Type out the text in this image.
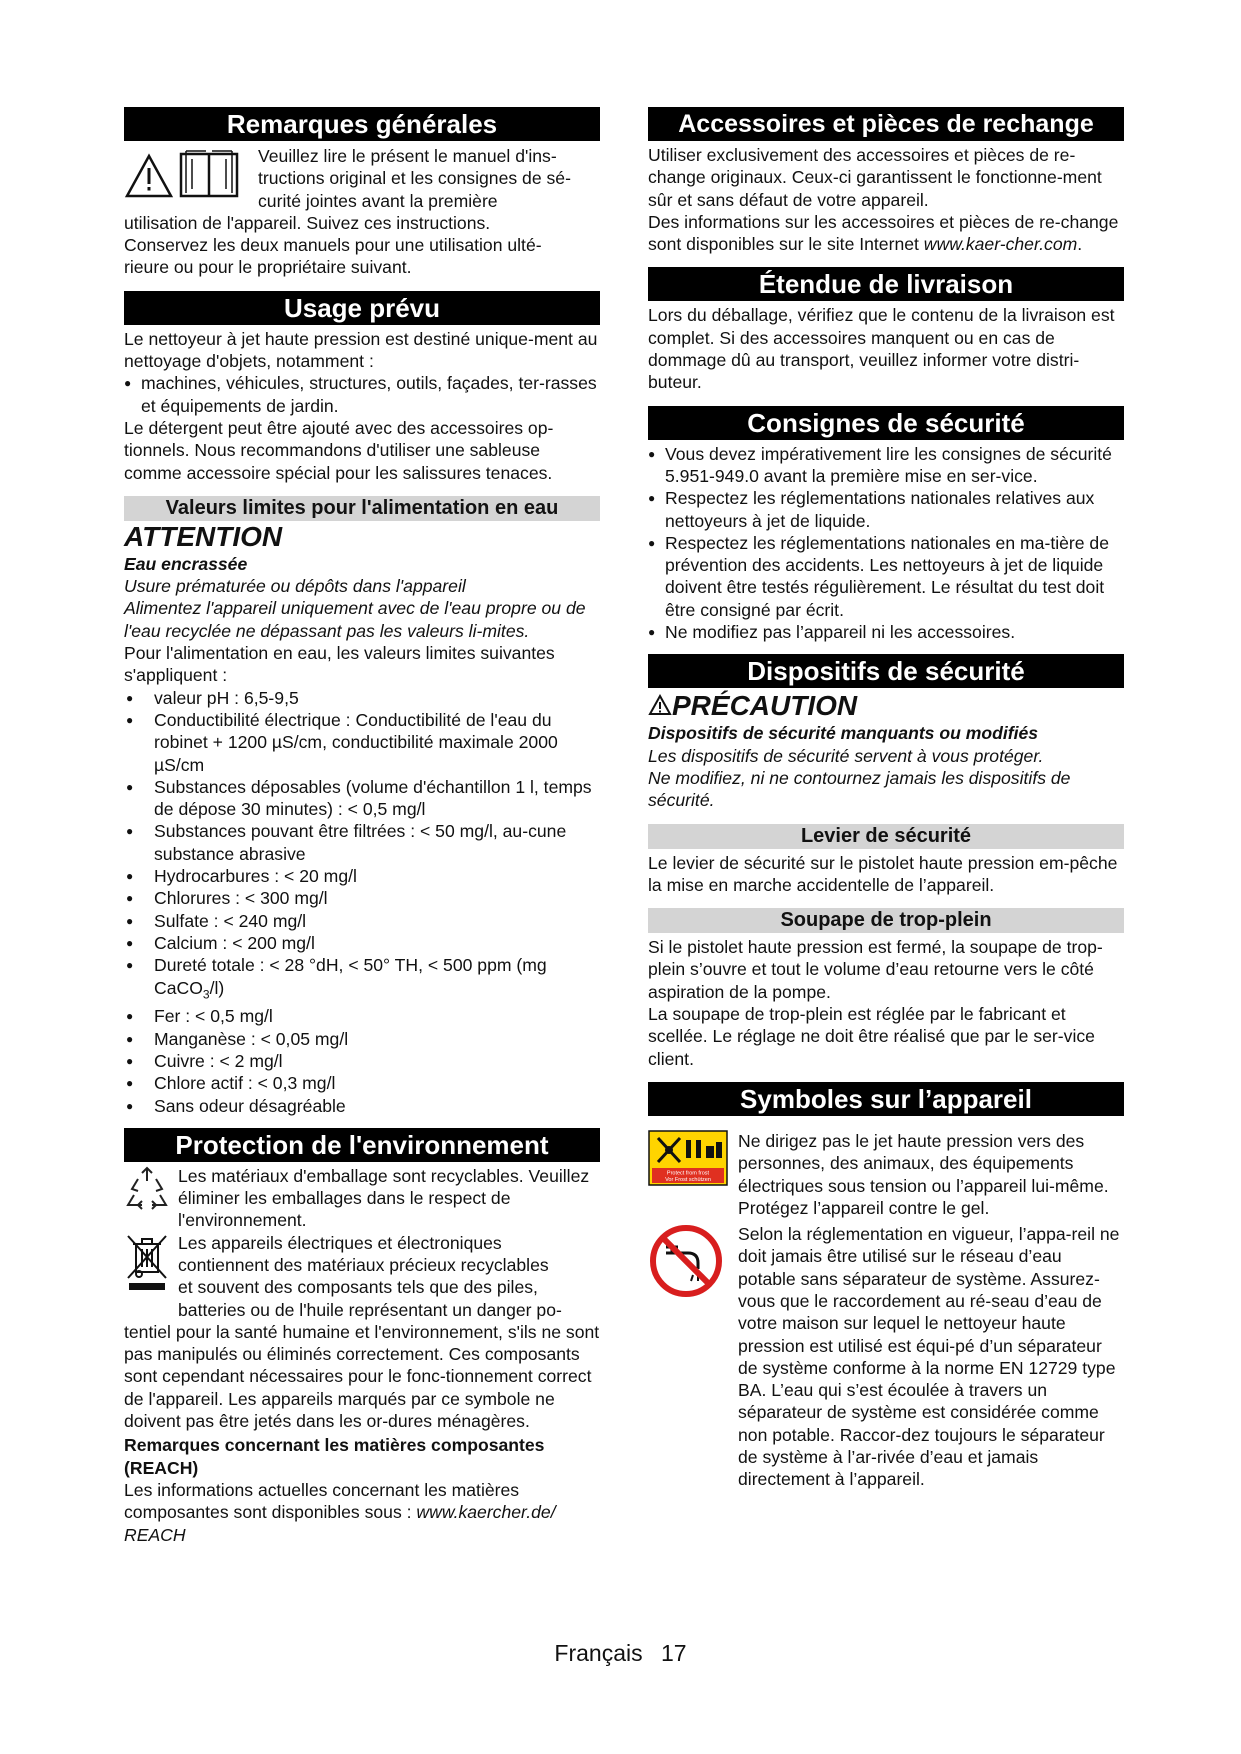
Remarques générales

Veuillez lire le présent le manuel d'ins-

tructions original et les consignes de sé-

curité jointes avant la première

utilisation de l'appareil. Suivez ces instructions.

Conservez les deux manuels pour une utilisation ulté-

rieure ou pour le propriétaire suivant.

Usage prévu

Le nettoyeur à jet haute pression est destiné unique-ment au nettoyage d'objets, notamment :

● machines, véhicules, structures, outils, façades, ter-rasses et équipements de jardin.

Le détergent peut être ajouté avec des accessoires op-tionnels. Nous recommandons d'utiliser une sableuse comme accessoire spécial pour les salissures tenaces.

Valeurs limites pour l'alimentation en eau

ATTENTION

Eau encrassée

Usure prématurée ou dépôts dans l'appareil

Alimentez l'appareil uniquement avec de l'eau propre ou de l'eau recyclée ne dépassant pas les valeurs li-mites.

Pour l'alimentation en eau, les valeurs limites suivantes s'appliquent :

● valeur pH : 6,5-9,5

● Conductibilité électrique : Conductibilité de l'eau du robinet + 1200 µS/cm, conductibilité maximale 2000 µS/cm

● Substances déposables (volume d'échantillon 1 l, temps de dépose 30 minutes) : < 0,5 mg/l

● Substances pouvant être filtrées : < 50 mg/l, au-cune substance abrasive

● Hydrocarbures : < 20 mg/l

● Chlorures : < 300 mg/l

● Sulfate : < 240 mg/l

● Calcium : < 200 mg/l

● Dureté totale : < 28 °dH, < 50° TH, < 500 ppm (mg CaCO$_3$/l)

● Fer : < 0,5 mg/l

● Manganèse : < 0,05 mg/l

● Cuivre : < 2 mg/l

● Chlore actif : < 0,3 mg/l

● Sans odeur désagréable

Protection de l'environnement

Les matériaux d'emballage sont recyclables. Veuillez éliminer les emballages dans le respect de l'environnement.

Les appareils électriques et électroniques

contiennent des matériaux précieux recyclables

et souvent des composants tels que des piles,

batteries ou de l'huile représentant un danger po-

tentiel pour la santé humaine et l'environnement, s'ils ne sont pas manipulés ou éliminés correctement. Ces composants sont cependant nécessaires pour le fonc-tionnement correct de l'appareil. Les appareils marqués par ce symbole ne doivent pas être jetés dans les or-dures ménagères.

Remarques concernant les matières composantes (REACH)

Les informations actuelles concernant les matières composantes sont disponibles sous : www.kaercher.de/ REACH

Accessoires et pièces de rechange

Utiliser exclusivement des accessoires et pièces de re-change originaux. Ceux-ci garantissent le fonctionne-ment sûr et sans défaut de votre appareil.

Des informations sur les accessoires et pièces de re-change sont disponibles sur le site Internet www.kaer-cher.com.

Étendue de livraison

Lors du déballage, vérifiez que le contenu de la livraison est complet. Si des accessoires manquent ou en cas de dommage dû au transport, veuillez informer votre distri-buteur.

Consignes de sécurité

● Vous devez impérativement lire les consignes de sécurité 5.951-949.0 avant la première mise en ser-vice.

● Respectez les réglementations nationales relatives aux nettoyeurs à jet de liquide.

● Respectez les réglementations nationales en ma-tière de prévention des accidents. Les nettoyeurs à jet de liquide doivent être testés régulièrement. Le résultat du test doit être consigné par écrit.

● Ne modifiez pas l’appareil ni les accessoires.

Dispositifs de sécurité

PRÉCAUTION

Dispositifs de sécurité manquants ou modifiés

Les dispositifs de sécurité servent à vous protéger.

Ne modifiez, ni ne contournez jamais les dispositifs de sécurité.

Levier de sécurité

Le levier de sécurité sur le pistolet haute pression em-pêche la mise en marche accidentelle de l’appareil.

Soupape de trop-plein

Si le pistolet haute pression est fermé, la soupape de trop-plein s’ouvre et tout le volume d’eau retourne vers le côté aspiration de la pompe.

La soupape de trop-plein est réglée par le fabricant et scellée. Le réglage ne doit être réalisé que par le ser-vice client.

Symboles sur l’appareil
Protect from frost
Vor Frost schützen

Ne dirigez pas le jet haute pression vers des personnes, des animaux, des équipements électriques sous tension ou l’appareil lui-même.

Protégez l’appareil contre le gel.

Selon la réglementation en vigueur, l’appa-reil ne doit jamais être utilisé sur le réseau d’eau potable sans séparateur de système. Assurez-vous que le raccordement au ré-seau d’eau de votre maison sur lequel le nettoyeur haute pression est utilisé est équi-pé d’un séparateur de système conforme à la norme EN 12729 type BA. L’eau qui s’est écoulée à travers un séparateur de système est considérée comme non potable. Raccor-dez toujours le séparateur de système à l’ar-rivée d’eau et jamais directement à l’appareil.

Français 17
